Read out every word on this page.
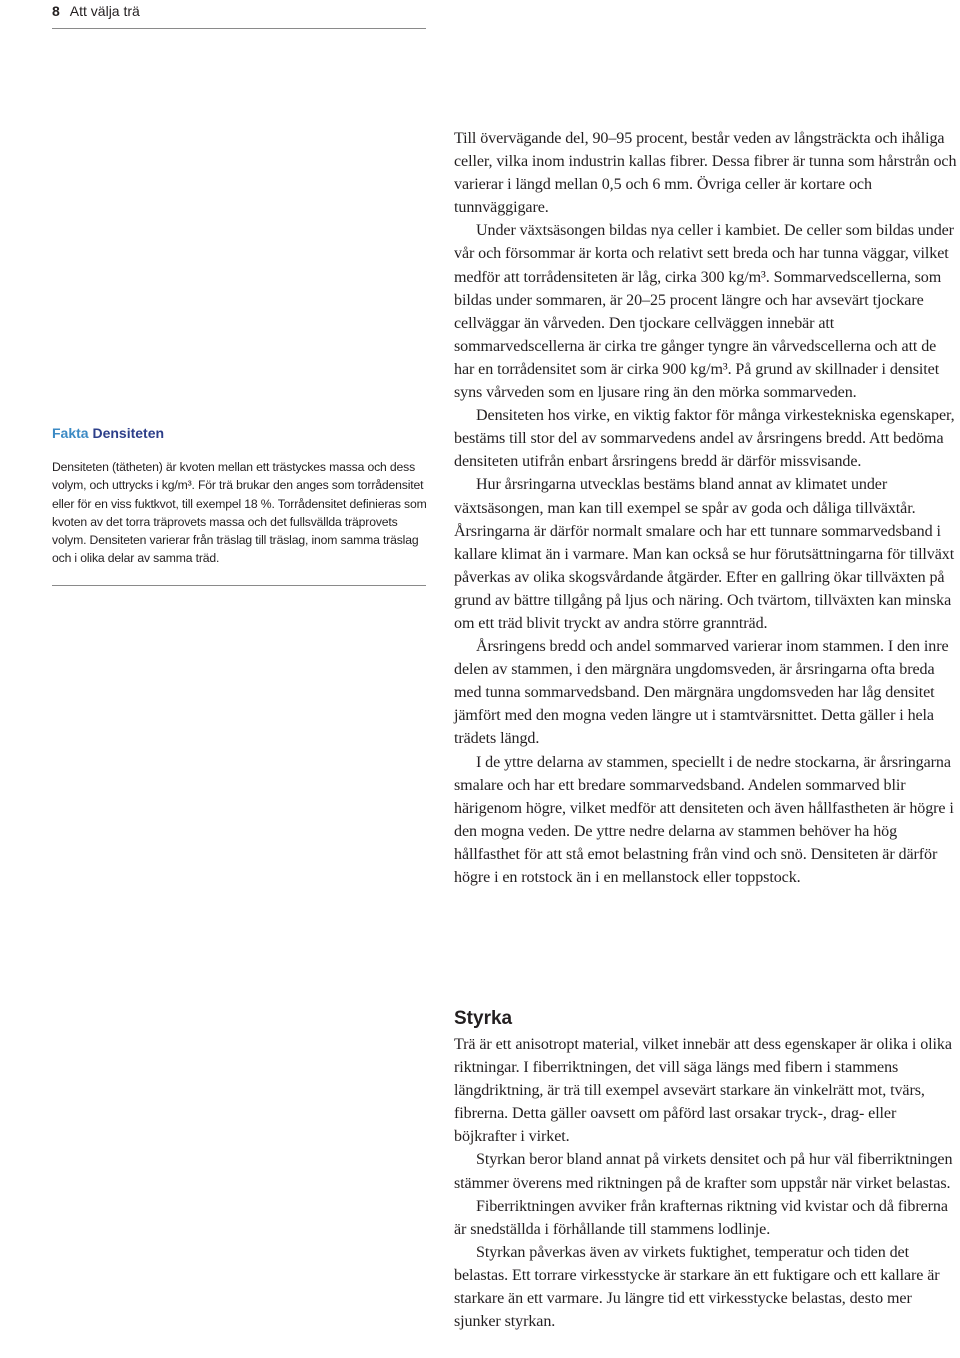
8 Att välja trä
Fakta Densiteten

Densiteten (tätheten) är kvoten mellan ett trästyckes massa och dess volym, och uttrycks i kg/m³. För trä brukar den anges som torrådensitet eller för en viss fuktkvot, till exempel 18 %. Torrådensitet definieras som kvoten av det torra träprovets massa och det fullsvällda träprovets volym. Densiteten varierar från träslag till träslag, inom samma träslag och i olika delar av samma träd.

Till övervägande del, 90–95 procent, består veden av långsträckta och ihåliga celler, vilka inom industrin kallas fibrer. Dessa fibrer är tunna som hårstrån och varierar i längd mellan 0,5 och 6 mm. Övriga celler är kortare och tunnväggigare.

Under växtsäsongen bildas nya celler i kambiet. De celler som bildas under vår och försommar är korta och relativt sett breda och har tunna väggar, vilket medför att torrådensiteten är låg, cirka 300 kg/m³. Sommarvedscellerna, som bildas under sommaren, är 20–25 procent längre och har avsevärt tjockare cellväggar än vårveden. Den tjockare cellväggen innebär att sommarvedscellerna är cirka tre gånger tyngre än vårvedscellerna och att de har en torrådensitet som är cirka 900 kg/m³. På grund av skillnader i densitet syns vårveden som en ljusare ring än den mörka sommarveden.

Densiteten hos virke, en viktig faktor för många virkestekniska egenskaper, bestäms till stor del av sommarvedens andel av årsringens bredd. Att bedöma densiteten utifrån enbart årsringens bredd är därför missvisande.

Hur årsringarna utvecklas bestäms bland annat av klimatet under växtsäsongen, man kan till exempel se spår av goda och dåliga tillväxtår. Årsringarna är därför normalt smalare och har ett tunnare sommarvedsband i kallare klimat än i varmare. Man kan också se hur förutsättningarna för tillväxt påverkas av olika skogsvårdande åtgärder. Efter en gallring ökar tillväxten på grund av bättre tillgång på ljus och näring. Och tvärtom, tillväxten kan minska om ett träd blivit tryckt av andra större grannträd.

Årsringens bredd och andel sommarved varierar inom stammen. I den inre delen av stammen, i den märgnära ungdomsveden, är årsringarna ofta breda med tunna sommarvedsband. Den märgnära ungdomsveden har låg densitet jämfört med den mogna veden längre ut i stamtvärsnittet. Detta gäller i hela trädets längd.

I de yttre delarna av stammen, speciellt i de nedre stockarna, är årsringarna smalare och har ett bredare sommarvedsband. Andelen sommarved blir härigenom högre, vilket medför att densiteten och även hållfastheten är högre i den mogna veden. De yttre nedre delarna av stammen behöver ha hög hållfasthet för att stå emot belastning från vind och snö. Densiteten är därför högre i en rotstock än i en mellanstock eller toppstock.

Styrka

Trä är ett anisotropt material, vilket innebär att dess egenskaper är olika i olika riktningar. I fiberriktningen, det vill säga längs med fibern i stammens längdriktning, är trä till exempel avsevärt starkare än vinkelrätt mot, tvärs, fibrerna. Detta gäller oavsett om påförd last orsakar tryck-, drag- eller böjkrafter i virket.

Styrkan beror bland annat på virkets densitet och på hur väl fiberriktningen stämmer överens med riktningen på de krafter som uppstår när virket belastas.

Fiberriktningen avviker från krafternas riktning vid kvistar och då fibrerna är snedställda i förhållande till stammens lodlinje.

Styrkan påverkas även av virkets fuktighet, temperatur och tiden det belastas. Ett torrare virkesstycke är starkare än ett fuktigare och ett kallare är starkare än ett varmare. Ju längre tid ett virkesstycke belastas, desto mer sjunker styrkan.
